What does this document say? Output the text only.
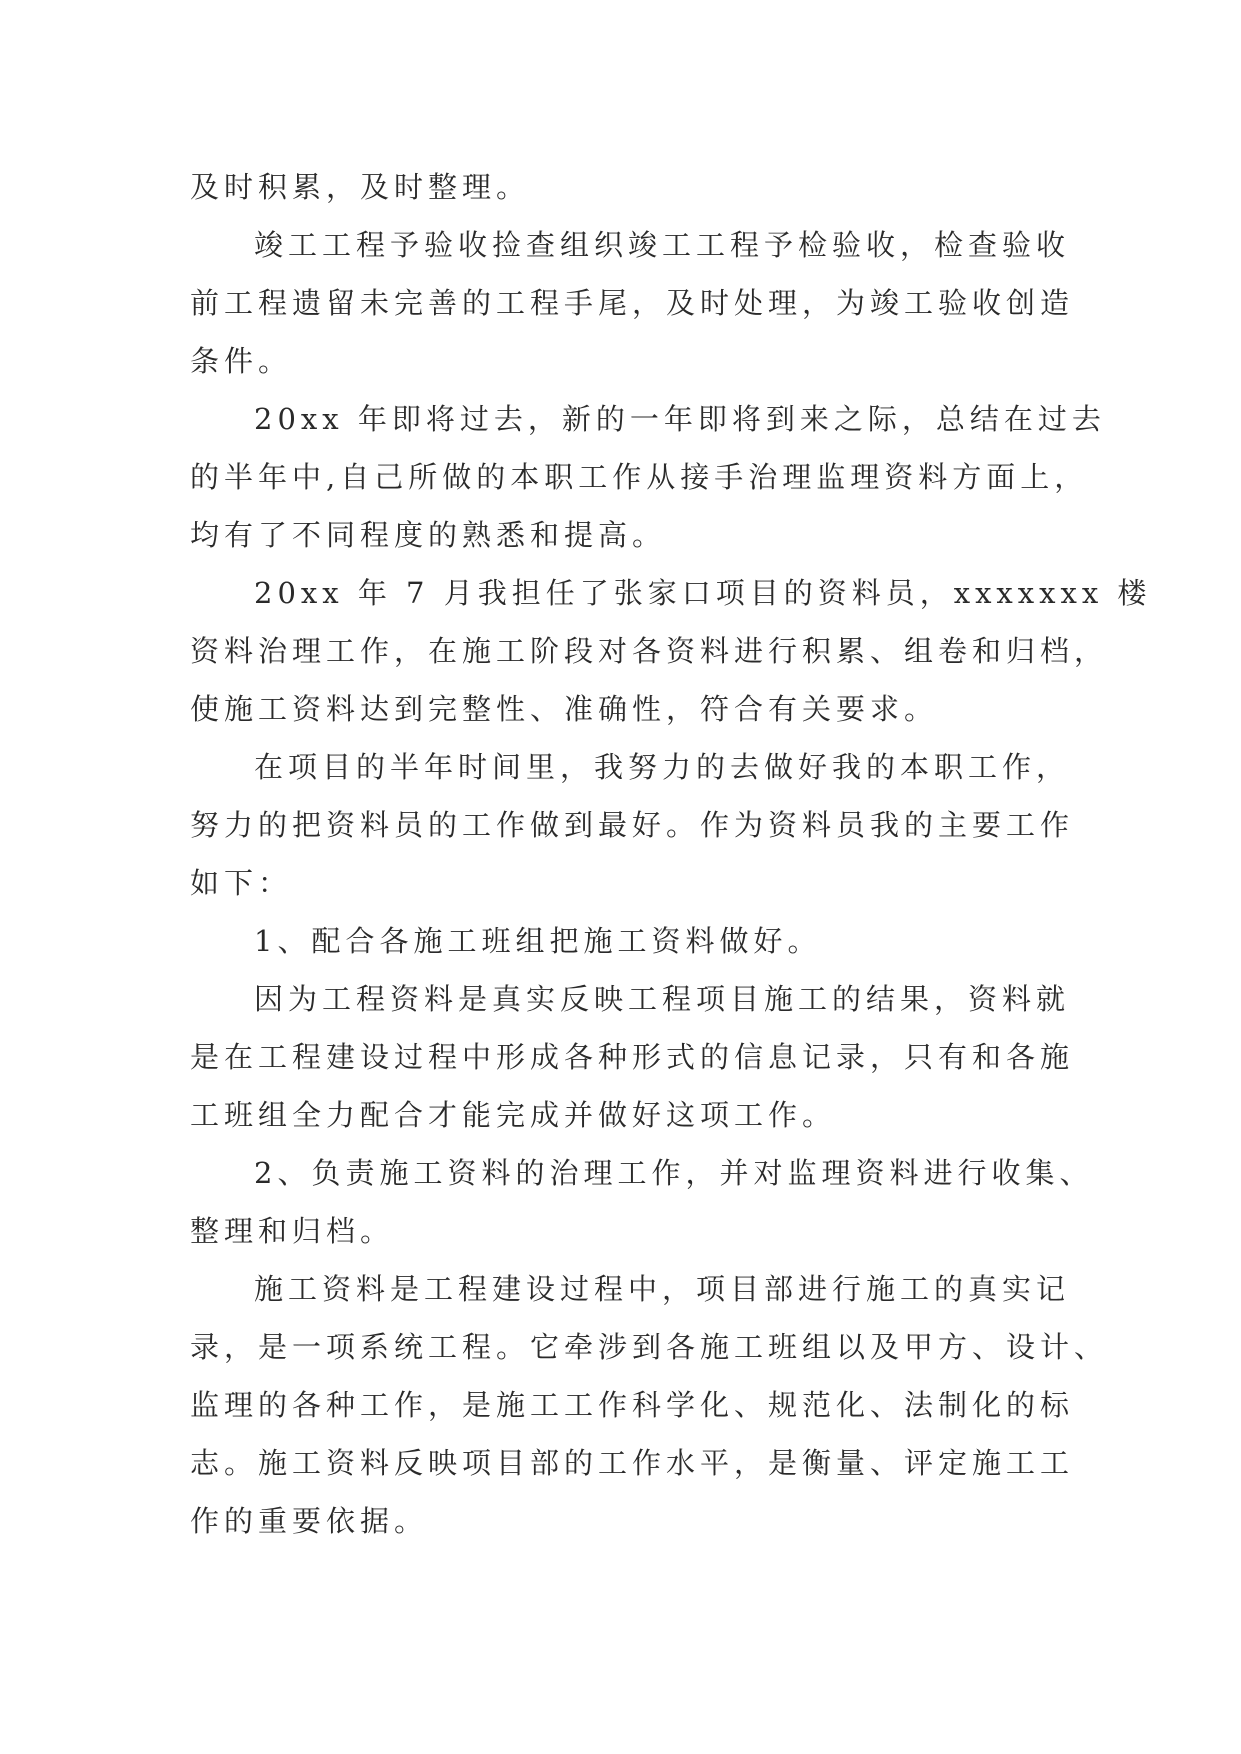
及时积累，及时整理。
竣工工程予验收捡查组织竣工工程予检验收，检查验收
前工程遗留未完善的工程手尾，及时处理，为竣工验收创造
条件。
20xx 年即将过去，新的一年即将到来之际，总结在过去
的半年中,自己所做的本职工作从接手治理监理资料方面上，
均有了不同程度的熟悉和提高。
20xx 年 7 月我担任了张家口项目的资料员，xxxxxxx 楼
资料治理工作，在施工阶段对各资料进行积累、组卷和归档，
使施工资料达到完整性、准确性，符合有关要求。
在项目的半年时间里，我努力的去做好我的本职工作，
努力的把资料员的工作做到最好。作为资料员我的主要工作
如下：
1、配合各施工班组把施工资料做好。
因为工程资料是真实反映工程项目施工的结果，资料就
是在工程建设过程中形成各种形式的信息记录，只有和各施
工班组全力配合才能完成并做好这项工作。
2、负责施工资料的治理工作，并对监理资料进行收集、
整理和归档。
施工资料是工程建设过程中，项目部进行施工的真实记
录，是一项系统工程。它牵涉到各施工班组以及甲方、设计、
监理的各种工作，是施工工作科学化、规范化、法制化的标
志。施工资料反映项目部的工作水平，是衡量、评定施工工
作的重要依据。
